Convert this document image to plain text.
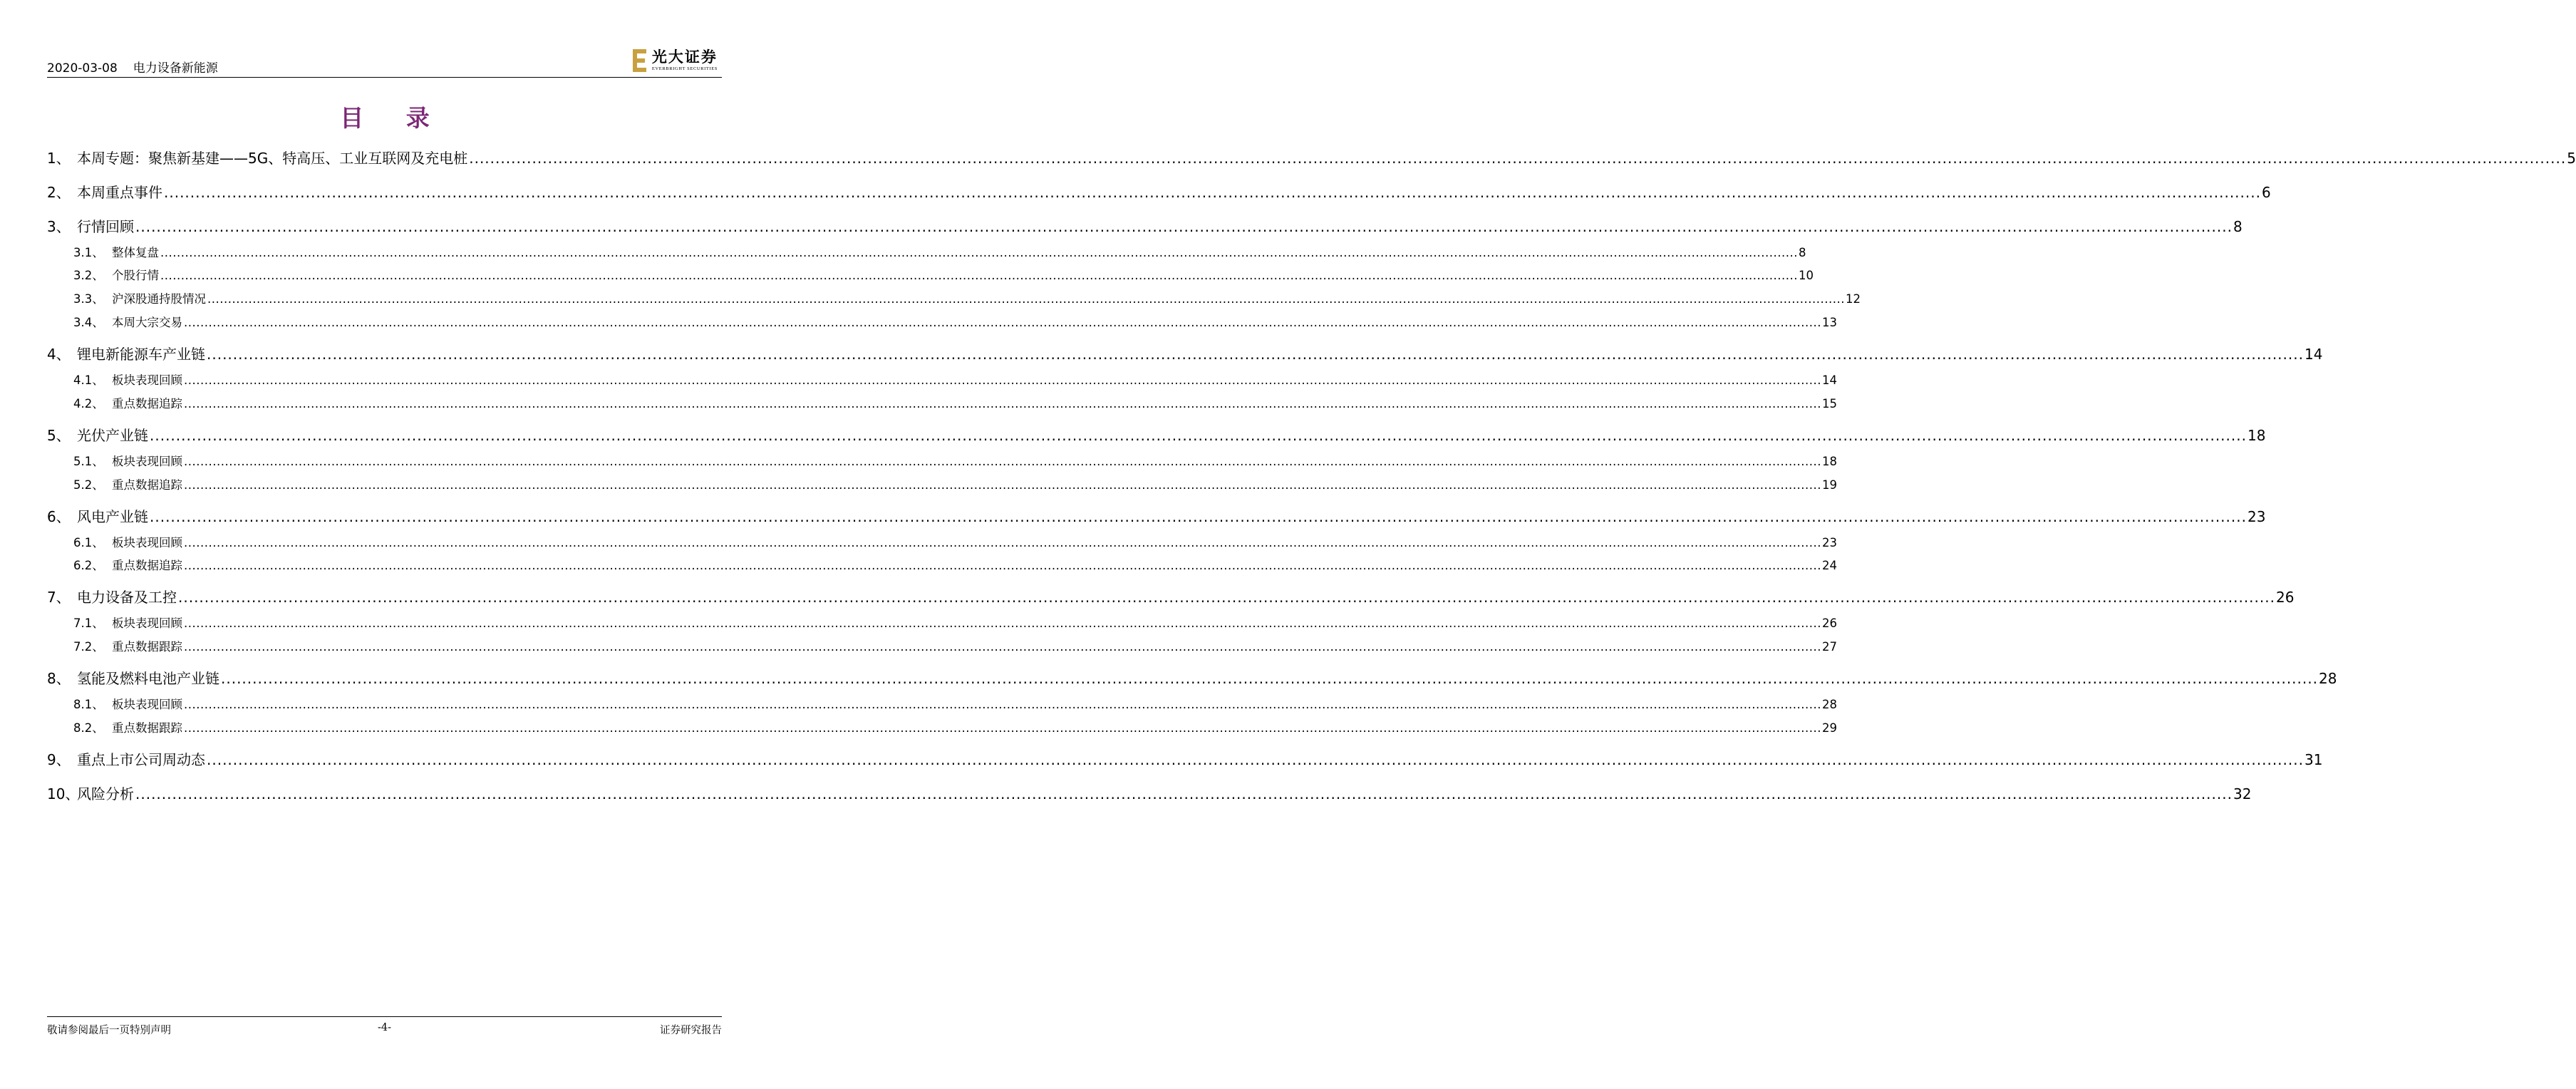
2020-03-08 电力设备新能源
光大证券
EVERBRIGHT SECURITIES
目 录
1、 本周专题：聚焦新基建——5G、特高压、工业互联网及充电桩 ................................................................................................................................................................................................................................................................................................................................................................................................................ 5
2、 本周重点事件 ................................................................................................................................................................................................................................................................................................................................................................................................................ 6
3、 行情回顾 ................................................................................................................................................................................................................................................................................................................................................................................................................ 8
3.1、 整体复盘 ................................................................................................................................................................................................................................................................................................................................................................................................................ 8
3.2、 个股行情 ................................................................................................................................................................................................................................................................................................................................................................................................................ 10
3.3、 沪深股通持股情况 ................................................................................................................................................................................................................................................................................................................................................................................................................ 12
3.4、 本周大宗交易 ................................................................................................................................................................................................................................................................................................................................................................................................................ 13
4、 锂电新能源车产业链 ................................................................................................................................................................................................................................................................................................................................................................................................................ 14
4.1、 板块表现回顾 ................................................................................................................................................................................................................................................................................................................................................................................................................ 14
4.2、 重点数据追踪 ................................................................................................................................................................................................................................................................................................................................................................................................................ 15
5、 光伏产业链 ................................................................................................................................................................................................................................................................................................................................................................................................................ 18
5.1、 板块表现回顾 ................................................................................................................................................................................................................................................................................................................................................................................................................ 18
5.2、 重点数据追踪 ................................................................................................................................................................................................................................................................................................................................................................................................................ 19
6、 风电产业链 ................................................................................................................................................................................................................................................................................................................................................................................................................ 23
6.1、 板块表现回顾 ................................................................................................................................................................................................................................................................................................................................................................................................................ 23
6.2、 重点数据追踪 ................................................................................................................................................................................................................................................................................................................................................................................................................ 24
7、 电力设备及工控 ................................................................................................................................................................................................................................................................................................................................................................................................................ 26
7.1、 板块表现回顾 ................................................................................................................................................................................................................................................................................................................................................................................................................ 26
7.2、 重点数据跟踪 ................................................................................................................................................................................................................................................................................................................................................................................................................ 27
8、 氢能及燃料电池产业链 ................................................................................................................................................................................................................................................................................................................................................................................................................ 28
8.1、 板块表现回顾 ................................................................................................................................................................................................................................................................................................................................................................................................................ 28
8.2、 重点数据跟踪 ................................................................................................................................................................................................................................................................................................................................................................................................................ 29
9、 重点上市公司周动态 ................................................................................................................................................................................................................................................................................................................................................................................................................ 31
10、
风险分析 ................................................................................................................................................................................................................................................................................................................................................................................................................ 32
敬请参阅最后一页特别声明	-4-	证券研究报告
